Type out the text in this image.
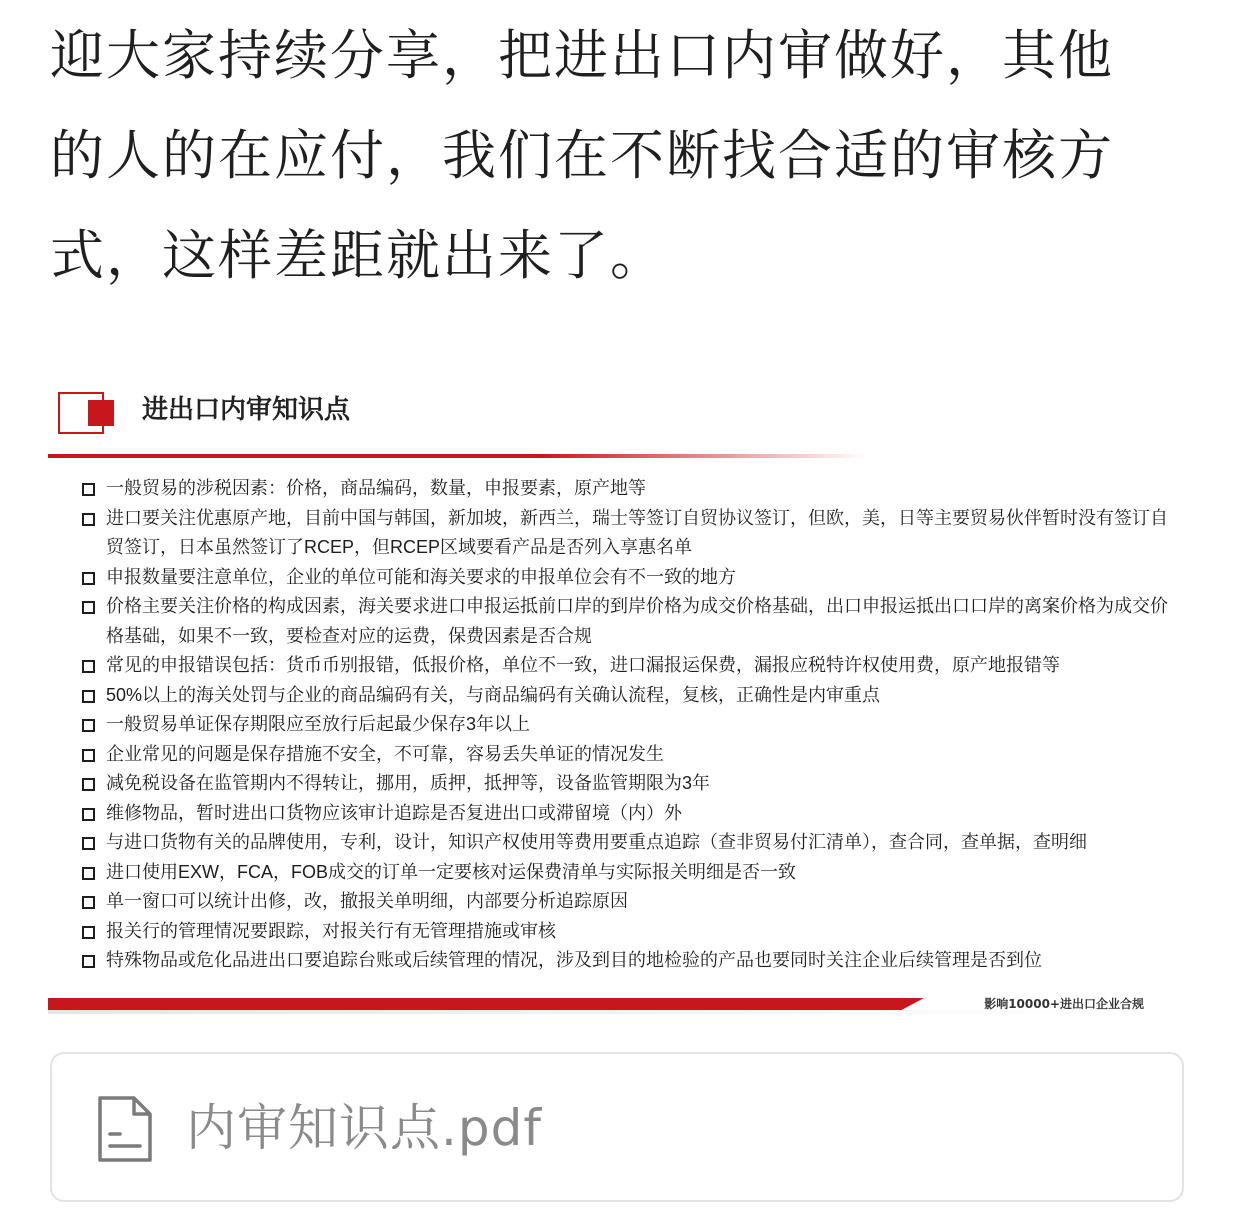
迎大家持续分享，把进出口内审做好，其他
的人的在应付，我们在不断找合适的审核方
式，这样差距就出来了。
进出口内审知识点
一般贸易的涉税因素：价格，商品编码，数量，申报要素，原产地等
进口要关注优惠原产地，目前中国与韩国，新加坡，新西兰，瑞士等签订自贸协议签订，但欧，美，日等主要贸易伙伴暂时没有签订自贸签订，日本虽然签订了RCEP，但RCEP区域要看产品是否列入享惠名单
申报数量要注意单位，企业的单位可能和海关要求的申报单位会有不一致的地方
价格主要关注价格的构成因素，海关要求进口申报运抵前口岸的到岸价格为成交价格基础，出口申报运抵出口口岸的离案价格为成交价格基础，如果不一致，要检查对应的运费，保费因素是否合规
常见的申报错误包括：货币币别报错，低报价格，单位不一致，进口漏报运保费，漏报应税特许权使用费，原产地报错等
50%以上的海关处罚与企业的商品编码有关，与商品编码有关确认流程，复核，正确性是内审重点
一般贸易单证保存期限应至放行后起最少保存3年以上
企业常见的问题是保存措施不安全，不可靠，容易丢失单证的情况发生
减免税设备在监管期内不得转让，挪用，质押，抵押等，设备监管期限为3年
维修物品，暂时进出口货物应该审计追踪是否复进出口或滞留境（内）外
与进口货物有关的品牌使用，专利，设计，知识产权使用等费用要重点追踪（查非贸易付汇清单），查合同，查单据，查明细
进口使用EXW，FCA，FOB成交的订单一定要核对运保费清单与实际报关明细是否一致
单一窗口可以统计出修，改，撤报关单明细，内部要分析追踪原因
报关行的管理情况要跟踪，对报关行有无管理措施或审核
特殊物品或危化品进出口要追踪台账或后续管理的情况，涉及到目的地检验的产品也要同时关注企业后续管理是否到位
影响10000+进出口企业合规
内审知识点.pdf
